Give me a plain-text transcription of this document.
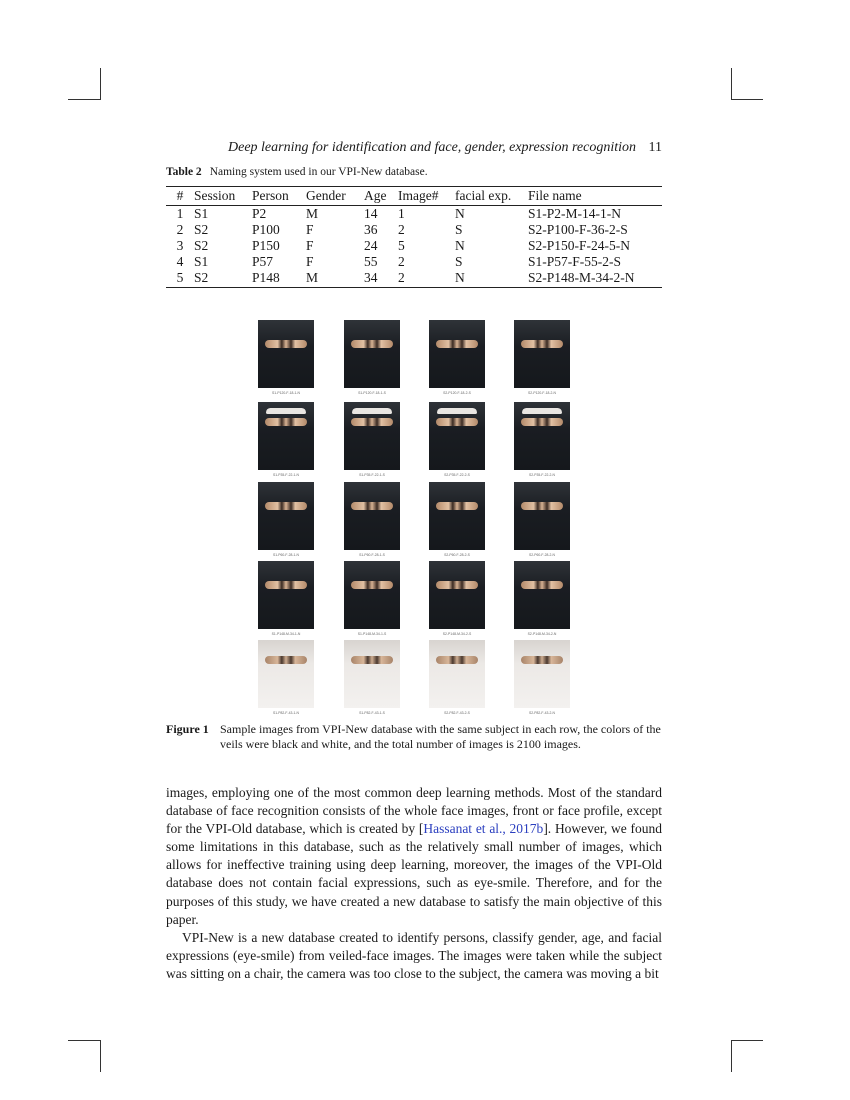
Deep learning for identification and face, gender, expression recognition 11
Table 2 Naming system used in our VPI-New database.
#	Session	Person	Gender	Age	Image#	facial exp.	File name
1	S1	P2	M	14	1	N	S1-P2-M-14-1-N
2	S2	P100	F	36	2	S	S2-P100-F-36-2-S
3	S2	P150	F	24	5	N	S2-P150-F-24-5-N
4	S1	P57	F	55	2	S	S1-P57-F-55-2-S
5	S2	P148	M	34	2	N	S2-P148-M-34-2-N
S1-P120-F-18-1-N	S1-P120-F-18-1-S	S2-P120-F-18-2-S	S2-P120-F-18-2-N
S1-P35-F-22-1-N	S1-P35-F-22-1-S	S2-P35-F-22-2-S	S2-P35-F-22-2-N
S1-P60-F-28-1-N	S1-P60-F-28-1-S	S2-P60-F-28-2-S	S2-P60-F-28-2-N
S1-P148-M-34-1-N	S1-P148-M-34-1-S	S2-P148-M-34-2-S	S2-P148-M-34-2-N
S1-P82-F-43-1-N	S1-P82-F-43-1-S	S2-P82-F-43-2-S	S2-P82-F-43-2-N
Figure 1 Sample images from VPI-New database with the same subject in each row, the colors of the veils were black and white, and the total number of images is 2100 images.

images, employing one of the most common deep learning methods. Most of the standard database of face recognition consists of the whole face images, front or face profile, except for the VPI-Old database, which is created by [Hassanat et al., 2017b]. However, we found some limitations in this database, such as the relatively small number of images, which allows for ineffective training using deep learning, moreover, the images of the VPI-Old database does not contain facial expressions, such as eye-smile. Therefore, and for the purposes of this study, we have created a new database to satisfy the main objective of this paper.

VPI-New is a new database created to identify persons, classify gender, age, and facial expressions (eye-smile) from veiled-face images. The images were taken while the subject was sitting on a chair, the camera was too close to the subject, the camera was moving a bit
